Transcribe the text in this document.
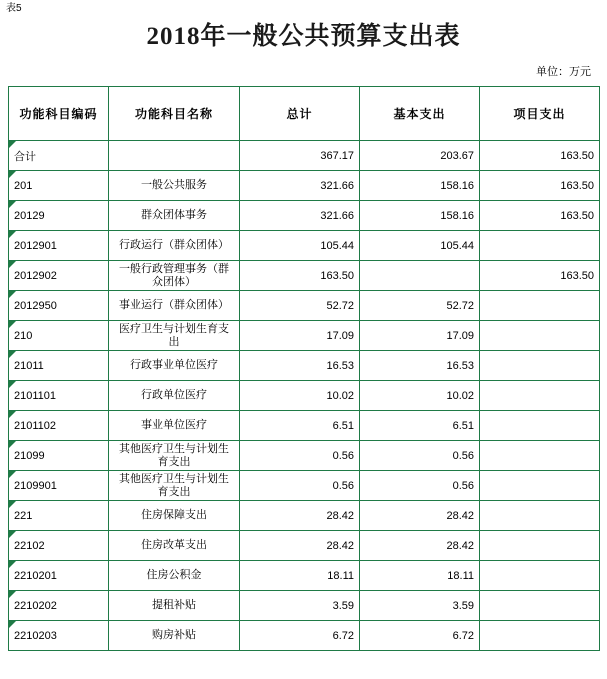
表5
2018年一般公共预算支出表
单位：万元
功能科目编码	功能科目名称	总计	基本支出	项目支出
合计		367.17	203.67	163.50
201	一般公共服务	321.66	158.16	163.50
20129	群众团体事务	321.66	158.16	163.50
2012901	行政运行（群众团体）	105.44	105.44	
2012902	一般行政管理事务（群众团体）	163.50		163.50
2012950	事业运行（群众团体）	52.72	52.72	
210	医疗卫生与计划生育支出	17.09	17.09	
21011	行政事业单位医疗	16.53	16.53	
2101101	行政单位医疗	10.02	10.02	
2101102	事业单位医疗	6.51	6.51	
21099	其他医疗卫生与计划生育支出	0.56	0.56	
2109901	其他医疗卫生与计划生育支出	0.56	0.56	
221	住房保障支出	28.42	28.42	
22102	住房改革支出	28.42	28.42	
2210201	住房公积金	18.11	18.11	
2210202	提租补贴	3.59	3.59	
2210203	购房补贴	6.72	6.72	
